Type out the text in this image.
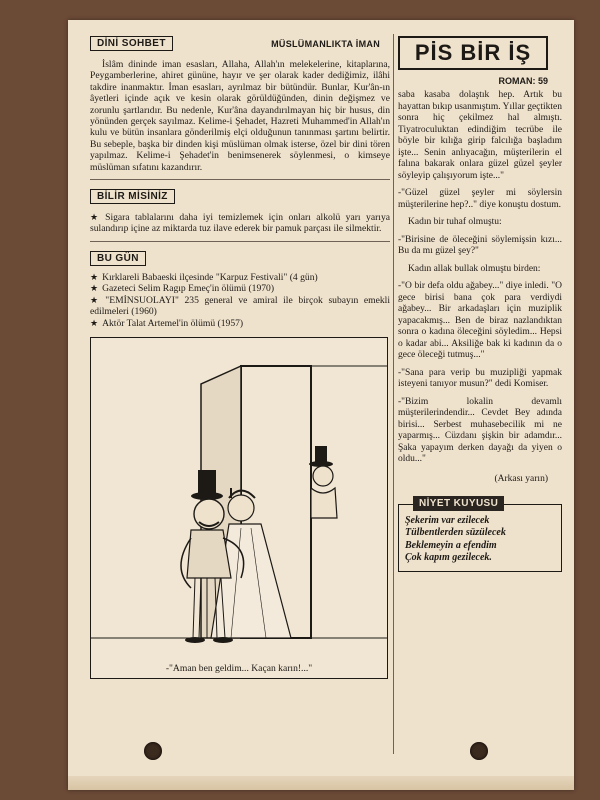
DİNİ SOHBET	MÜSLÜMANLIKTA İMAN

İslâm dininde iman esasları, Allaha, Allah'ın melekelerine, kitaplarına, Peygamberlerine, ahiret gününe, hayır ve şer olarak kader dediğimiz, ilâhi takdire inanmaktır. İman esasları, ayrılmaz bir bütündür. Bunlar, Kur'ân-ın âyetleri içinde açık ve kesin olarak görüldüğünden, dinin değişmez ve zorunlu şartlarıdır. Bu nedenle, Kur'âna dayandırılmayan hiç bir husus, din yönünden gerçek sayılmaz. Kelime-i Şehadet, Hazreti Muhammed'in Allah'ın kulu ve bütün insanlara gönderilmiş elçi olduğunun tanınması şartını belirtir. Bu sebeple, başka bir dinden kişi müslüman olmak isterse, özel bir dini tören yapılmaz. Kelime-i Şehadet'in benimsenerek söylenmesi, o kimseye müslüman sıfatını kazandırır.

BİLİR MİSİNİZ

★ Sigara tablalarını daha iyi temizlemek için onları alkolü yarı yarıya sulandırıp içine az miktarda tuz ilave ederek bir pamuk parçası ile silmektir.

BU GÜN

★ Kırklareli Babaeski ilçesinde "Karpuz Festivali" (4 gün)

★ Gazeteci Selim Ragıp Emeç'in ölümü (1970)

★ "EMİNSUOLAYI" 235 general ve amiral ile birçok subayın emekli edilmeleri (1960)

★ Aktör Talat Artemel'in ölümü (1957)

-"Aman ben geldim... Kaçan karın!..."
PİS BİR İŞ
ROMAN: 59

saba kasaba dolaştık hep. Artık bu hayattan bıkıp usanmıştım. Yıllar geçtikten sonra hiç çekilmez hal almıştı. Tiyatroculuktan edindiğim tecrübe ile böyle bir kılığa girip falcılığa başladım işte... Senin anlıyacağın, müşterilerin el falına bakarak onlara güzel güzel şeyler söyleyip çalışıyorum işte..."

-"Güzel güzel şeyler mi söylersin müşterilerine hep?.." diye konuştu dostum.

Kadın bir tuhaf olmuştu:

-"Birisine de öleceğini söylemişsin kızı... Bu da mı güzel şey?"

Kadın allak bullak olmuştu birden:

-"O bir defa oldu ağabey..." diye inledi. "O gece birisi bana çok para verdiydi ağabey... Bir arkadaşları için muziplik yapacakmış... Ben de biraz nazlandıktan sonra o kadına öleceğini söyledim... Hepsi o kadar abi... Aksiliğe bak ki kadının da o gece öleceği tutmuş..."

-"Sana para verip bu muzipliği yapmak isteyeni tanıyor musun?" dedi Komiser.

-"Bizim lokalin devamlı müşterilerindendir... Cevdet Bey adında birisi... Serbest muhasebecilik mi ne yaparmış... Cüzdanı şişkin bir adamdır... Şaka yapayım derken dayağı da yiyen o oldu..."

(Arkası yarın)
NİYET KUYUSU

Şekerim var ezilecek

Tülbentlerden süzülecek

Beklemeyin a efendim

Çok kapım gezilecek.
